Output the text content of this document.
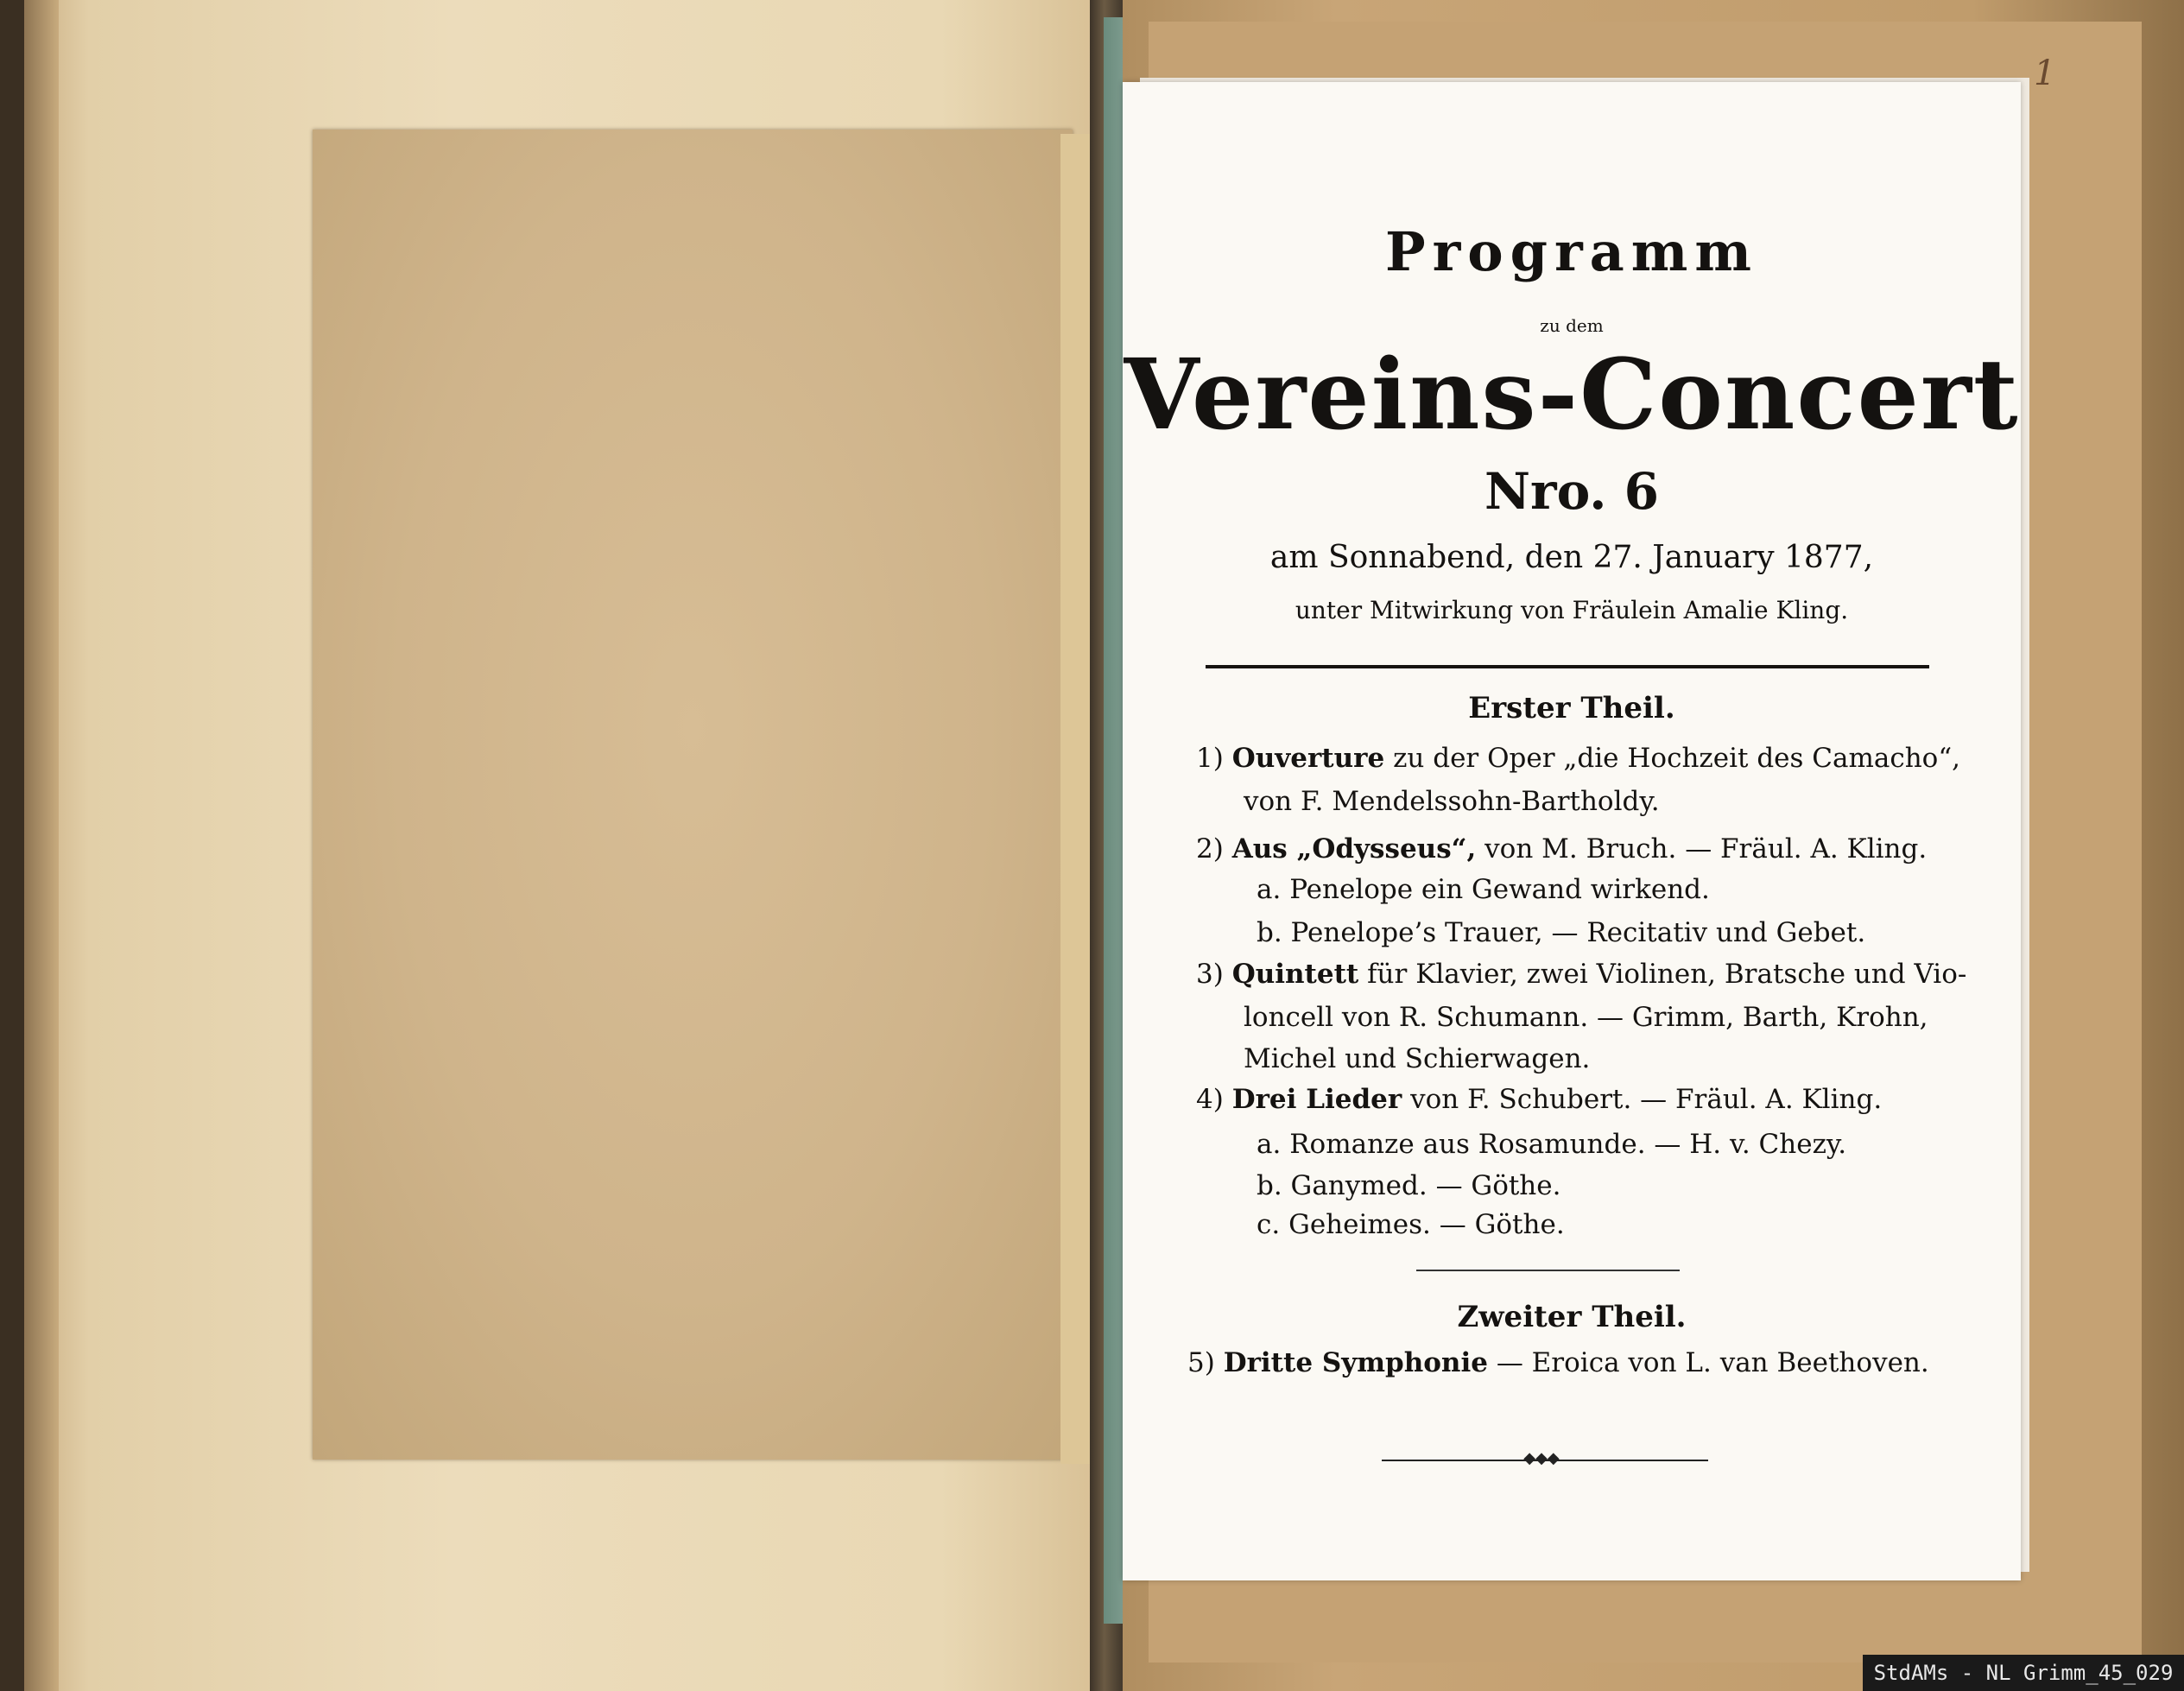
1
Programm
zu dem
Vereins-Concert
Nro. 6
am Sonnabend, den 27. January 1877,
unter Mitwirkung von Fräulein Amalie Kling.
Erster Theil.
1) Ouverture zu der Oper „die Hochzeit des Camacho“,
von F. Mendelssohn-Bartholdy.
2) Aus „Odysseus“, von M. Bruch. — Fräul. A. Kling.
a. Penelope ein Gewand wirkend.
b. Penelope’s Trauer, — Recitativ und Gebet.
3) Quintett für Klavier, zwei Violinen, Bratsche und Vio-
loncell von R. Schumann. — Grimm, Barth, Krohn,
Michel und Schierwagen.
4) Drei Lieder von F. Schubert. — Fräul. A. Kling.
a. Romanze aus Rosamunde. — H. v. Chezy.
b. Ganymed. — Göthe.
c. Geheimes. — Göthe.
Zweiter Theil.
5) Dritte Symphonie — Eroica von L. van Beethoven.
◆◆◆
StdAMs - NL Grimm_45_029
